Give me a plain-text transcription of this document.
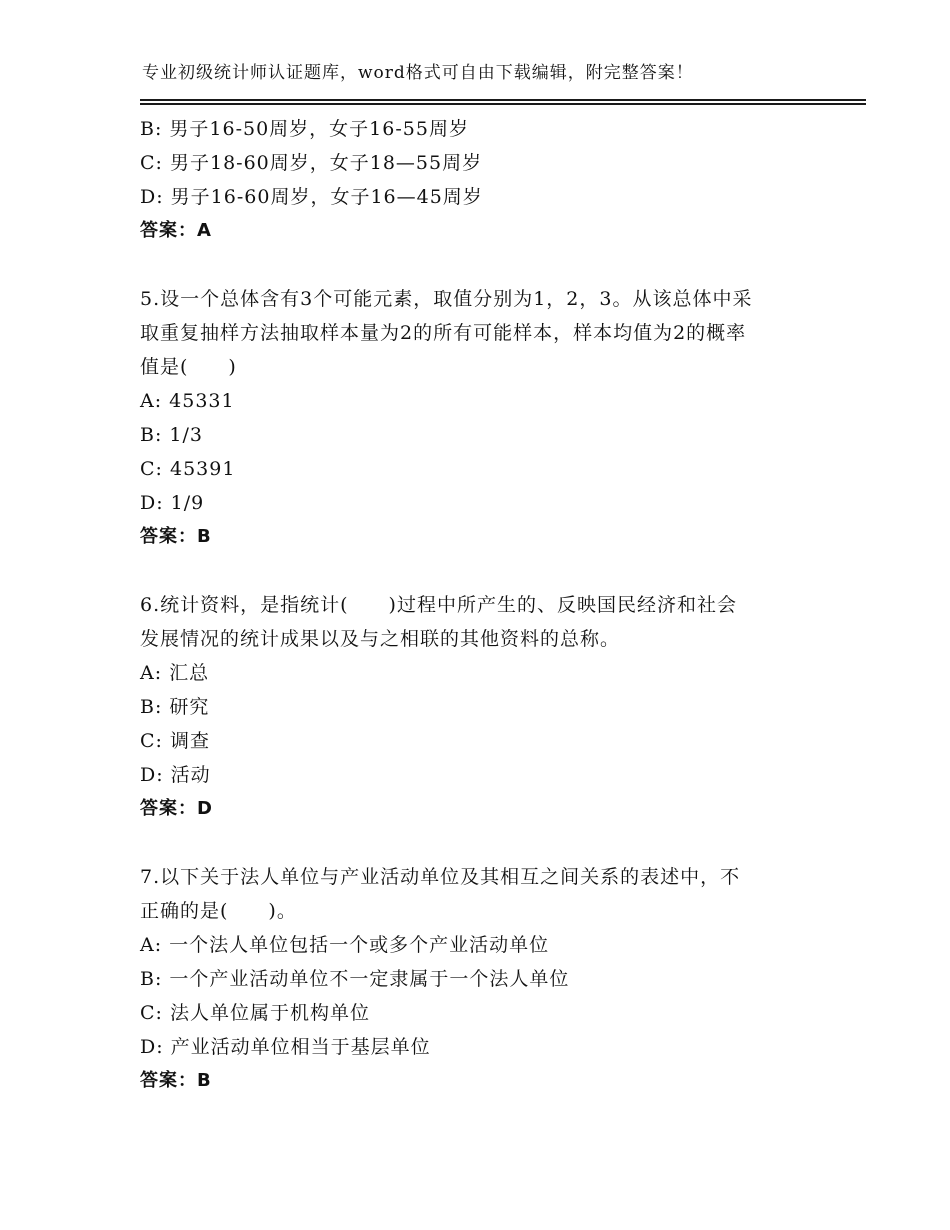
专业初级统计师认证题库，word格式可自由下载编辑，附完整答案！
B: 男子16-50周岁，女子16-55周岁
C: 男子18-60周岁，女子18—55周岁
D: 男子16-60周岁，女子16—45周岁
答案：A
5.设一个总体含有3个可能元素，取值分别为1，2，3。从该总体中采
取重复抽样方法抽取样本量为2的所有可能样本，样本均值为2的概率
值是(　　)
A: 45331
B: 1/3
C: 45391
D: 1/9
答案：B
6.统计资料，是指统计(　　)过程中所产生的、反映国民经济和社会
发展情况的统计成果以及与之相联的其他资料的总称。
A: 汇总
B: 研究
C: 调查
D: 活动
答案：D
7.以下关于法人单位与产业活动单位及其相互之间关系的表述中，不
正确的是(　　)。
A: 一个法人单位包括一个或多个产业活动单位
B: 一个产业活动单位不一定隶属于一个法人单位
C: 法人单位属于机构单位
D: 产业活动单位相当于基层单位
答案：B
